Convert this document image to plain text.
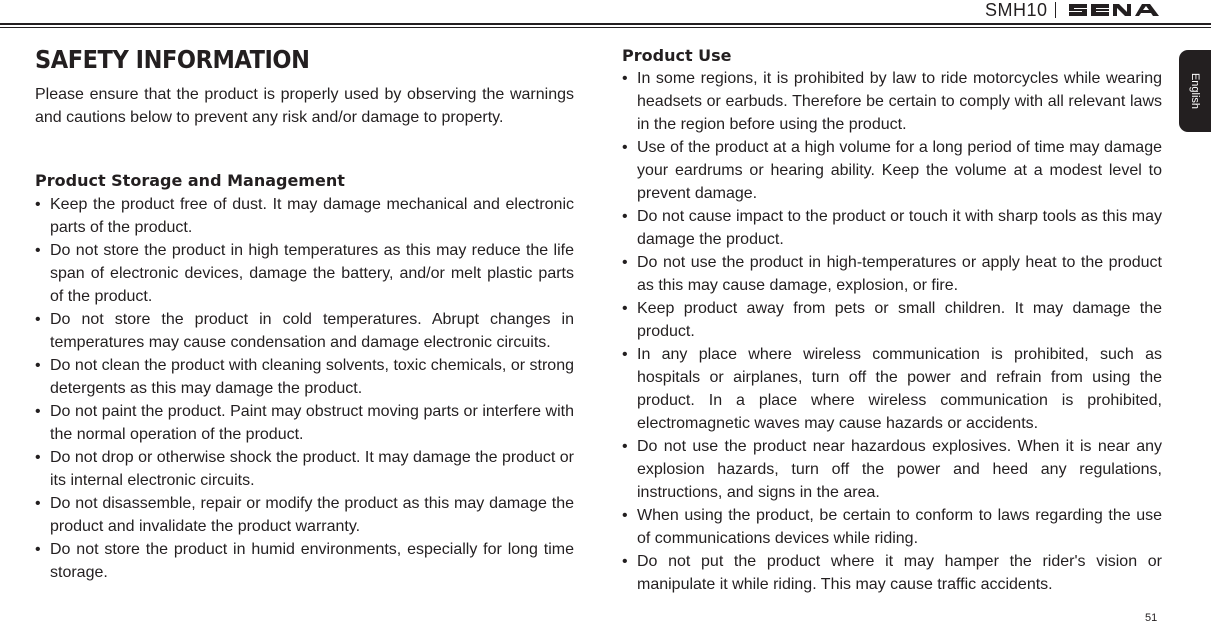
SMH10
English
SAFETY INFORMATION

Please ensure that the product is properly used by observing the warnings and cautions below to prevent any risk and/or damage to property.

Product Storage and Management
• Keep the product free of dust. It may damage mechanical and electronic parts of the product.
• Do not store the product in high temperatures as this may reduce the life span of electronic devices, damage the battery, and/or melt plastic parts of the product.
• Do not store the product in cold temperatures. Abrupt changes in temperatures may cause condensation and damage electronic circuits.
• Do not clean the product with cleaning solvents, toxic chemicals, or strong detergents as this may damage the product.
• Do not paint the product. Paint may obstruct moving parts or interfere with the normal operation of the product.
• Do not drop or otherwise shock the product. It may damage the product or its internal electronic circuits.
• Do not disassemble, repair or modify the product as this may damage the product and invalidate the product warranty.
• Do not store the product in humid environments, especially for long time storage.
Product Use
• In some regions, it is prohibited by law to ride motorcycles while wearing headsets or earbuds. Therefore be certain to comply with all relevant laws in the region before using the product.
• Use of the product at a high volume for a long period of time may damage your eardrums or hearing ability. Keep the volume at a modest level to prevent damage.
• Do not cause impact to the product or touch it with sharp tools as this may damage the product.
• Do not use the product in high-temperatures or apply heat to the product as this may cause damage, explosion, or fire.
• Keep product away from pets or small children. It may damage the product.
• In any place where wireless communication is prohibited, such as hospitals or airplanes, turn off the power and refrain from using the product. In a place where wireless communication is prohibited, electromagnetic waves may cause hazards or accidents.
• Do not use the product near hazardous explosives. When it is near any explosion hazards, turn off the power and heed any regulations, instructions, and signs in the area.
• When using the product, be certain to conform to laws regarding the use of communications devices while riding.
• Do not put the product where it may hamper the rider's vision or manipulate it while riding. This may cause traffic accidents.
51
